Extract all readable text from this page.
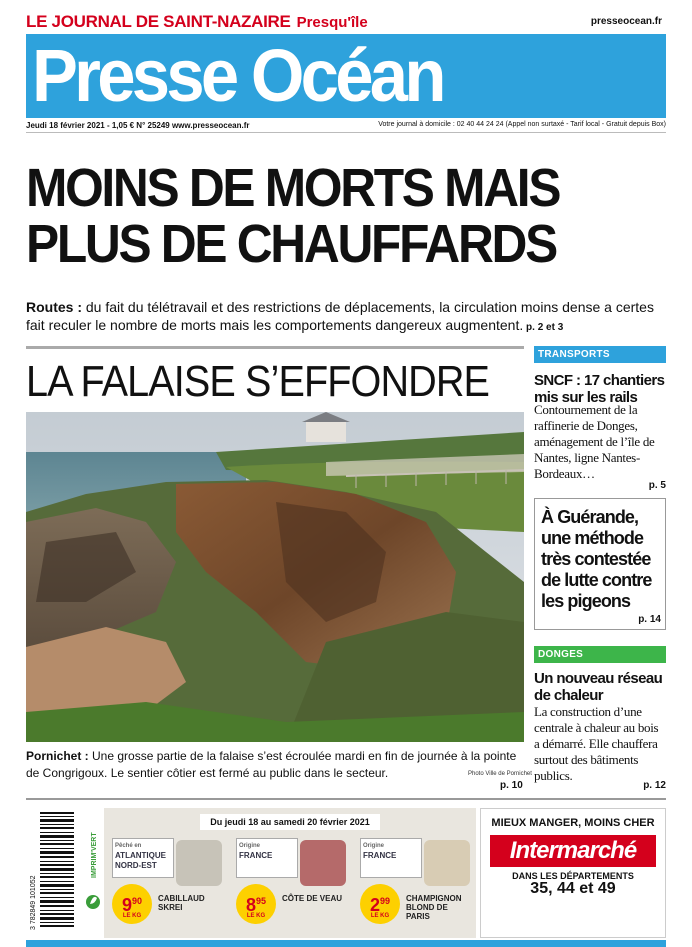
LE JOURNAL DE SAINT-NAZAIRE Presqu'île	presseocean.fr
Presse Océan
Jeudi 18 février 2021 - 1,05 € N° 25249 www.presseocean.fr	Votre journal à domicile : 02 40 44 24 24 (Appel non surtaxé - Tarif local - Gratuit depuis Box)
MOINS DE MORTS MAIS
PLUS DE CHAUFFARDS
Routes : du fait du télétravail et des restrictions de déplacements, la circulation moins dense a certes fait reculer le nombre de morts mais les comportements dangereux augmentent. p. 2 et 3
LA FALAISE S’EFFONDRE
Pornichet : Une grosse partie de la falaise s’est écroulée mardi en fin de journée à la pointe de Congrigoux. Le sentier côtier est fermé au public dans le secteur.	Photo Ville de Pornichet
p. 10
TRANSPORTS
SNCF : 17 chantiers mis sur les rails
Contournement de la raffinerie de Donges, aménagement de l’île de Nantes, ligne Nantes-Bordeaux…
p. 5
À Guérande, une méthode très contestée de lutte contre les pigeons
p. 14
DONGES
Un nouveau réseau de chaleur
La construction d’une centrale à chaleur au bois a démarré. Elle chauffera surtout des bâtiments publics.
p. 12
3 782849 101052
IMPRIM'VERT
Du jeudi 18 au samedi 20 février 2021
Pêché en
ATLANTIQUE NORD-EST
$9^{90}$
LE KG
CABILLAUD SKREI
Origine
FRANCE
$8^{95}$
LE KG
CÔTE DE VEAU
Origine
FRANCE
$2^{99}$
LE KG
CHAMPIGNON BLOND DE PARIS
MIEUX MANGER, MOINS CHER
Intermarché
DANS LES DÉPARTEMENTS
35, 44 et 49
